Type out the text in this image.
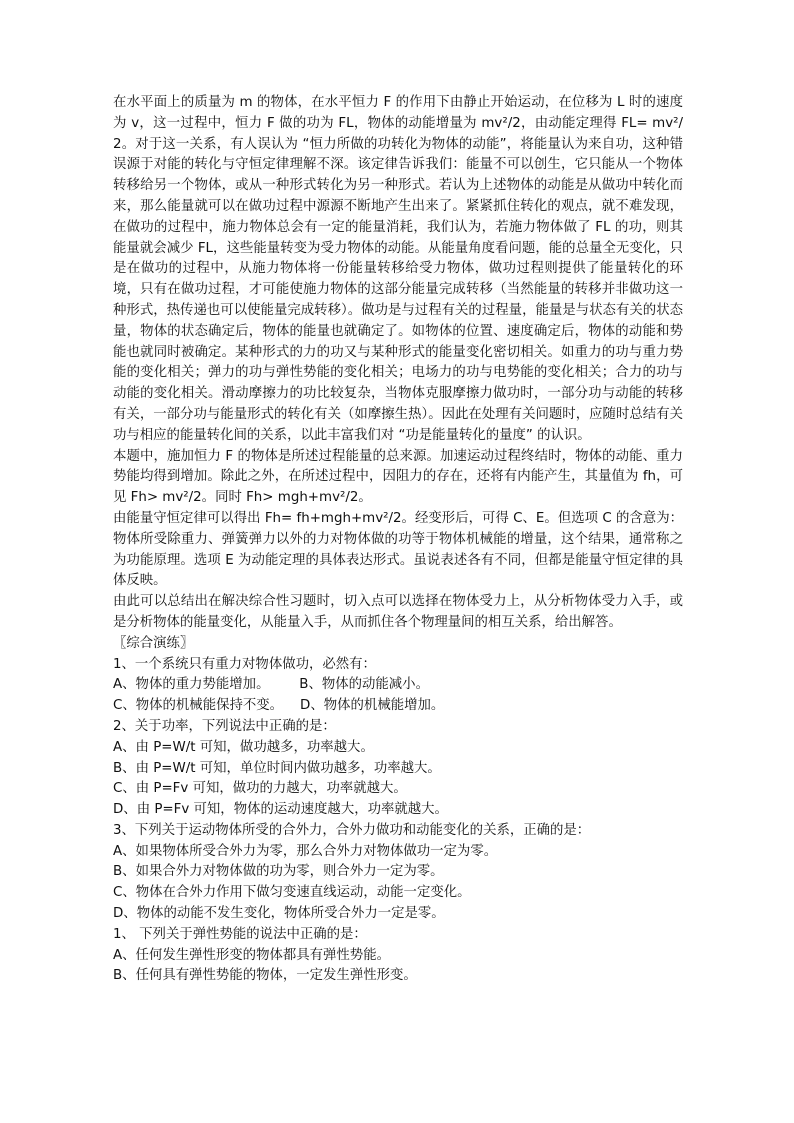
在水平面上的质量为 m 的物体，在水平恒力 F 的作用下由静止开始运动，在位移为 L 时的速度为 v，这一过程中，恒力 F 做的功为 FL，物体的动能增量为 mv²/2，由动能定理得 FL= mv²/2。对于这一关系，有人误认为 “恒力所做的功转化为物体的动能”，将能量认为来自功，这种错误源于对能的转化与守恒定律理解不深。该定律告诉我们：能量不可以创生，它只能从一个物体转移给另一个物体，或从一种形式转化为另一种形式。若认为上述物体的动能是从做功中转化而来，那么能量就可以在做功过程中源源不断地产生出来了。紧紧抓住转化的观点，就不难发现，在做功的过程中，施力物体总会有一定的能量消耗，我们认为，若施力物体做了 FL 的功，则其能量就会减少 FL，这些能量转变为受力物体的动能。从能量角度看问题，能的总量全无变化，只是在做功的过程中，从施力物体将一份能量转移给受力物体，做功过程则提供了能量转化的环境，只有在做功过程，才可能使施力物体的这部分能量完成转移（当然能量的转移并非做功这一种形式，热传递也可以使能量完成转移）。做功是与过程有关的过程量，能量是与状态有关的状态量，物体的状态确定后，物体的能量也就确定了。如物体的位置、速度确定后，物体的动能和势能也就同时被确定。某种形式的力的功又与某种形式的能量变化密切相关。如重力的功与重力势能的变化相关；弹力的功与弹性势能的变化相关；电场力的功与电势能的变化相关；合力的功与动能的变化相关。滑动摩擦力的功比较复杂，当物体克服摩擦力做功时，一部分功与动能的转移有关，一部分功与能量形式的转化有关（如摩擦生热）。因此在处理有关问题时，应随时总结有关功与相应的能量转化间的关系，以此丰富我们对 “功是能量转化的量度” 的认识。

本题中，施加恒力 F 的物体是所述过程能量的总来源。加速运动过程终结时，物体的动能、重力势能均得到增加。除此之外，在所述过程中，因阻力的存在，还将有内能产生，其量值为 fh，可见 Fh> mv²/2。同时 Fh> mgh+mv²/2。

由能量守恒定律可以得出 Fh= fh+mgh+mv²/2。经变形后，可得 C、E。但选项 C 的含意为：物体所受除重力、弹簧弹力以外的力对物体做的功等于物体机械能的增量，这个结果，通常称之为功能原理。选项 E 为动能定理的具体表达形式。虽说表述各有不同，但都是能量守恒定律的具体反映。

由此可以总结出在解决综合性习题时，切入点可以选择在物体受力上，从分析物体受力入手，或是分析物体的能量变化，从能量入手，从而抓住各个物理量间的相互关系，给出解答。

〖综合演练〗

1、一个系统只有重力对物体做功，必然有：

A、物体的重力势能增加。       B、物体的动能减小。

C、物体的机械能保持不变。    D、物体的机械能增加。

2、关于功率，下列说法中正确的是：

A、由 P=W/t 可知，做功越多，功率越大。

B、由 P=W/t 可知，单位时间内做功越多，功率越大。

C、由 P=Fv 可知，做功的力越大，功率就越大。

D、由 P=Fv 可知，物体的运动速度越大，功率就越大。

3、下列关于运动物体所受的合外力，合外力做功和动能变化的关系，正确的是：

A、如果物体所受合外力为零，那么合外力对物体做功一定为零。

B、如果合外力对物体做的功为零，则合外力一定为零。

C、物体在合外力作用下做匀变速直线运动，动能一定变化。

D、物体的动能不发生变化，物体所受合外力一定是零。

1、 下列关于弹性势能的说法中正确的是：

A、任何发生弹性形变的物体都具有弹性势能。

B、任何具有弹性势能的物体，一定发生弹性形变。
